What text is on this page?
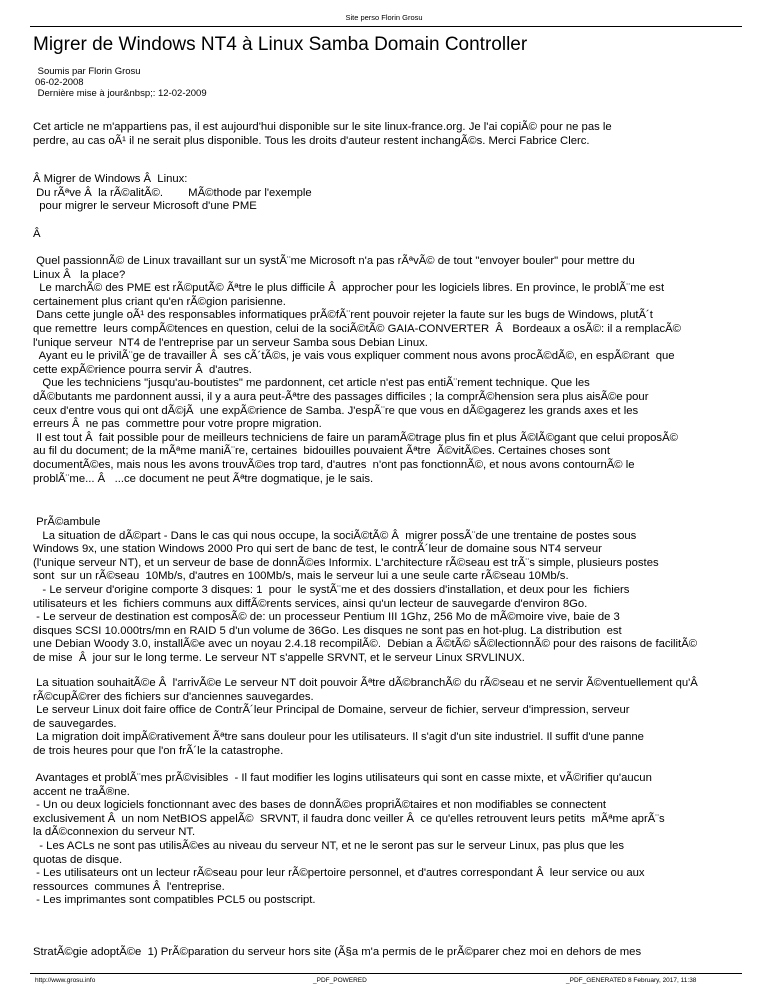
Site perso Florin Grosu
Migrer de Windows NT4 à Linux Samba Domain Controller
Soumis par Florin Grosu
06-02-2008
Dernière mise à jour&nbsp;: 12-02-2009
Cet article ne m'appartiens pas, il est aujourd'hui disponible sur le site linux-france.org. Je l'ai copiÃ© pour ne pas le
perdre, au cas oÃ¹ il ne serait plus disponible. Tous les droits d'auteur restent inchangÃ©s. Merci Fabrice Clerc.
Â Migrer de Windows Â  Linux:
Du rÃªve Â  la rÃ©alitÃ©.        MÃ©thode par l'exemple
pour migrer le serveur Microsoft d'une PME
Â
Quel passionnÃ© de Linux travaillant sur un systÃ¨me Microsoft n'a pas rÃªvÃ© de tout "envoyer bouler" pour mettre du
Linux Â   la place?
Le marchÃ© des PME est rÃ©putÃ© Ãªtre le plus difficile Â  approcher pour les logiciels libres. En province, le problÃ¨me est
certainement plus criant qu'en rÃ©gion parisienne.
Dans cette jungle oÃ¹ des responsables informatiques prÃ©fÃ¨rent pouvoir rejeter la faute sur les bugs de Windows, plutÃ´t
que remettre  leurs compÃ©tences en question, celui de la sociÃ©tÃ© GAIA-CONVERTER  Â   Bordeaux a osÃ©: il a remplacÃ©
l'unique serveur  NT4 de l'entreprise par un serveur Samba sous Debian Linux.
Ayant eu le privilÃ¨ge de travailler Â  ses cÃ´tÃ©s, je vais vous expliquer comment nous avons procÃ©dÃ©, en espÃ©rant  que
cette expÃ©rience pourra servir Â  d'autres.
Que les techniciens "jusqu'au-boutistes" me pardonnent, cet article n'est pas entiÃ¨rement technique. Que les
dÃ©butants me pardonnent aussi, il y a aura peut-Ãªtre des passages difficiles ; la comprÃ©hension sera plus aisÃ©e pour
ceux d'entre vous qui ont dÃ©jÃ  une expÃ©rience de Samba. J'espÃ¨re que vous en dÃ©gagerez les grands axes et les
erreurs Â  ne pas  commettre pour votre propre migration.
Il est tout Â  fait possible pour de meilleurs techniciens de faire un paramÃ©trage plus fin et plus Ã©lÃ©gant que celui proposÃ©
au fil du document; de la mÃªme maniÃ¨re, certaines  bidouilles pouvaient Ãªtre  Ã©vitÃ©es. Certaines choses sont
documentÃ©es, mais nous les avons trouvÃ©es trop tard, d'autres  n'ont pas fonctionnÃ©, et nous avons contournÃ© le
problÃ¨me... Â   ...ce document ne peut Ãªtre dogmatique, je le sais.
PrÃ©ambule
La situation de dÃ©part - Dans le cas qui nous occupe, la sociÃ©tÃ© Â  migrer possÃ¨de une trentaine de postes sous
Windows 9x, une station Windows 2000 Pro qui sert de banc de test, le contrÃ´leur de domaine sous NT4 serveur
(l'unique serveur NT), et un serveur de base de donnÃ©es Informix. L'architecture rÃ©seau est trÃ¨s simple, plusieurs postes
sont  sur un rÃ©seau  10Mb/s, d'autres en 100Mb/s, mais le serveur lui a une seule carte rÃ©seau 10Mb/s.
- Le serveur d'origine comporte 3 disques: 1  pour  le systÃ¨me et des dossiers d'installation, et deux pour les  fichiers
utilisateurs et les  fichiers communs aux diffÃ©rents services, ainsi qu'un lecteur de sauvegarde d'environ 8Go.
- Le serveur de destination est composÃ© de: un processeur Pentium III 1Ghz, 256 Mo de mÃ©moire vive, baie de 3
disques SCSI 10.000trs/mn en RAID 5 d'un volume de 36Go. Les disques ne sont pas en hot-plug. La distribution  est
une Debian Woody 3.0, installÃ©e avec un noyau 2.4.18 recompilÃ©.  Debian a Ã©tÃ© sÃ©lectionnÃ© pour des raisons de facilitÃ©
de mise  Â  jour sur le long terme. Le serveur NT s'appelle SRVNT, et le serveur Linux SRVLINUX.
La situation souhaitÃ©e Â  l'arrivÃ©e Le serveur NT doit pouvoir Ãªtre dÃ©branchÃ© du rÃ©seau et ne servir Ã©ventuellement qu'Â
rÃ©cupÃ©rer des fichiers sur d'anciennes sauvegardes.
Le serveur Linux doit faire office de ContrÃ´leur Principal de Domaine, serveur de fichier, serveur d'impression, serveur
de sauvegardes.
La migration doit impÃ©rativement Ãªtre sans douleur pour les utilisateurs. Il s'agit d'un site industriel. Il suffit d'une panne
de trois heures pour que l'on frÃ´le la catastrophe.
Avantages et problÃ¨mes prÃ©visibles  - Il faut modifier les logins utilisateurs qui sont en casse mixte, et vÃ©rifier qu'aucun
accent ne traÃ®ne.
- Un ou deux logiciels fonctionnant avec des bases de donnÃ©es propriÃ©taires et non modifiables se connectent
exclusivement Â  un nom NetBIOS appelÃ©  SRVNT, il faudra donc veiller Â  ce qu'elles retrouvent leurs petits  mÃªme aprÃ¨s
la dÃ©connexion du serveur NT.
- Les ACLs ne sont pas utilisÃ©es au niveau du serveur NT, et ne le seront pas sur le serveur Linux, pas plus que les
quotas de disque.
- Les utilisateurs ont un lecteur rÃ©seau pour leur rÃ©pertoire personnel, et d'autres correspondant Â  leur service ou aux
ressources  communes Â  l'entreprise.
- Les imprimantes sont compatibles PCL5 ou postscript.
StratÃ©gie adoptÃ©e  1) PrÃ©paration du serveur hors site (Ã§a m'a permis de le prÃ©parer chez moi en dehors de mes
http://www.grosu.info	_PDF_POWERED	_PDF_GENERATED 8 February, 2017, 11:38
